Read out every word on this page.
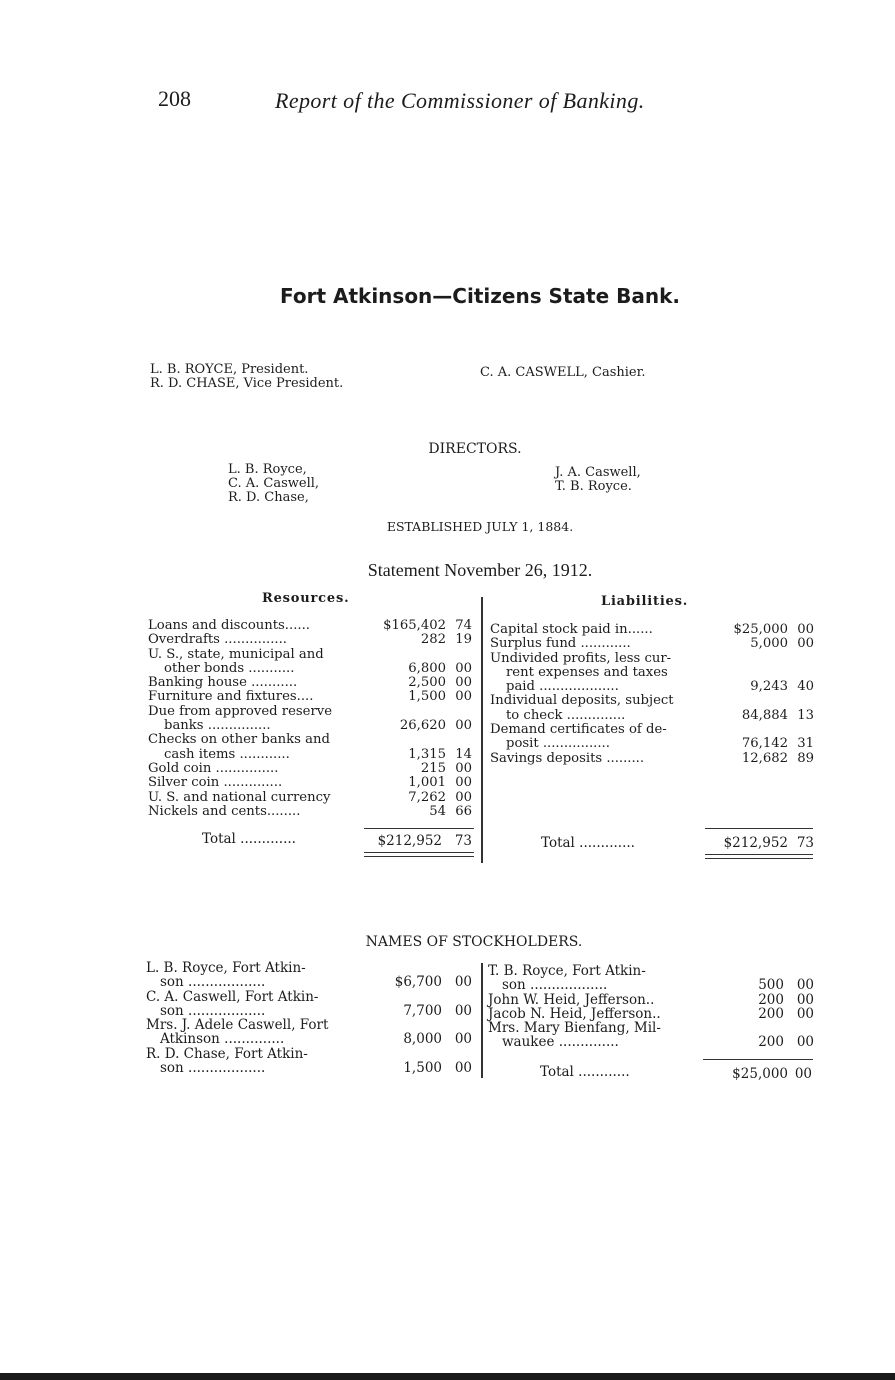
208	Report of the Commissioner of Banking.
Fort Atkinson—Citizens State Bank.
L. B. ROYCE, President.
R. D. CHASE, Vice President.
C. A. CASWELL, Cashier.
DIRECTORS.
L. B. Royce,
C. A. Caswell,
R. D. Chase,
J. A. Caswell,
T. B. Royce.
ESTABLISHED JULY 1, 1884.
Statement November 26, 1912.
Resources.	Liabilities.
Loans and discounts......	$165,402 74
Overdrafts ...............	282 19
U. S., state, municipal and
other bonds ...........	6,800 00
Banking house ...........	2,500 00
Furniture and fixtures....	1,500 00
Due from approved reserve
banks ...............	26,620 00
Checks on other banks and
cash items ............	1,315 14
Gold coin ...............	215 00
Silver coin ..............	1,001 00
U. S. and national currency	7,262 00
Nickels and cents........	54 66
Total .............	$212,952 73
Capital stock paid in......	$25,000 00
Surplus fund ............	5,000 00
Undivided profits, less cur-
rent expenses and taxes
paid ...................	9,243 40
Individual deposits, subject
to check ..............	84,884 13
Demand certificates of de-
posit ................	76,142 31
Savings deposits .........	12,682 89
Total .............	$212,952 73
NAMES OF STOCKHOLDERS.
L. B. Royce, Fort Atkin-
son ..................	$6,700 00
C. A. Caswell, Fort Atkin-
son ..................	7,700 00
Mrs. J. Adele Caswell, Fort
Atkinson ..............	8,000 00
R. D. Chase, Fort Atkin-
son ..................	1,500 00
T. B. Royce, Fort Atkin-
son ..................	500 00
John W. Heid, Jefferson..	200 00
Jacob N. Heid, Jefferson..	200 00
Mrs. Mary Bienfang, Mil-
waukee ..............	200 00
Total ............	$25,000 00
